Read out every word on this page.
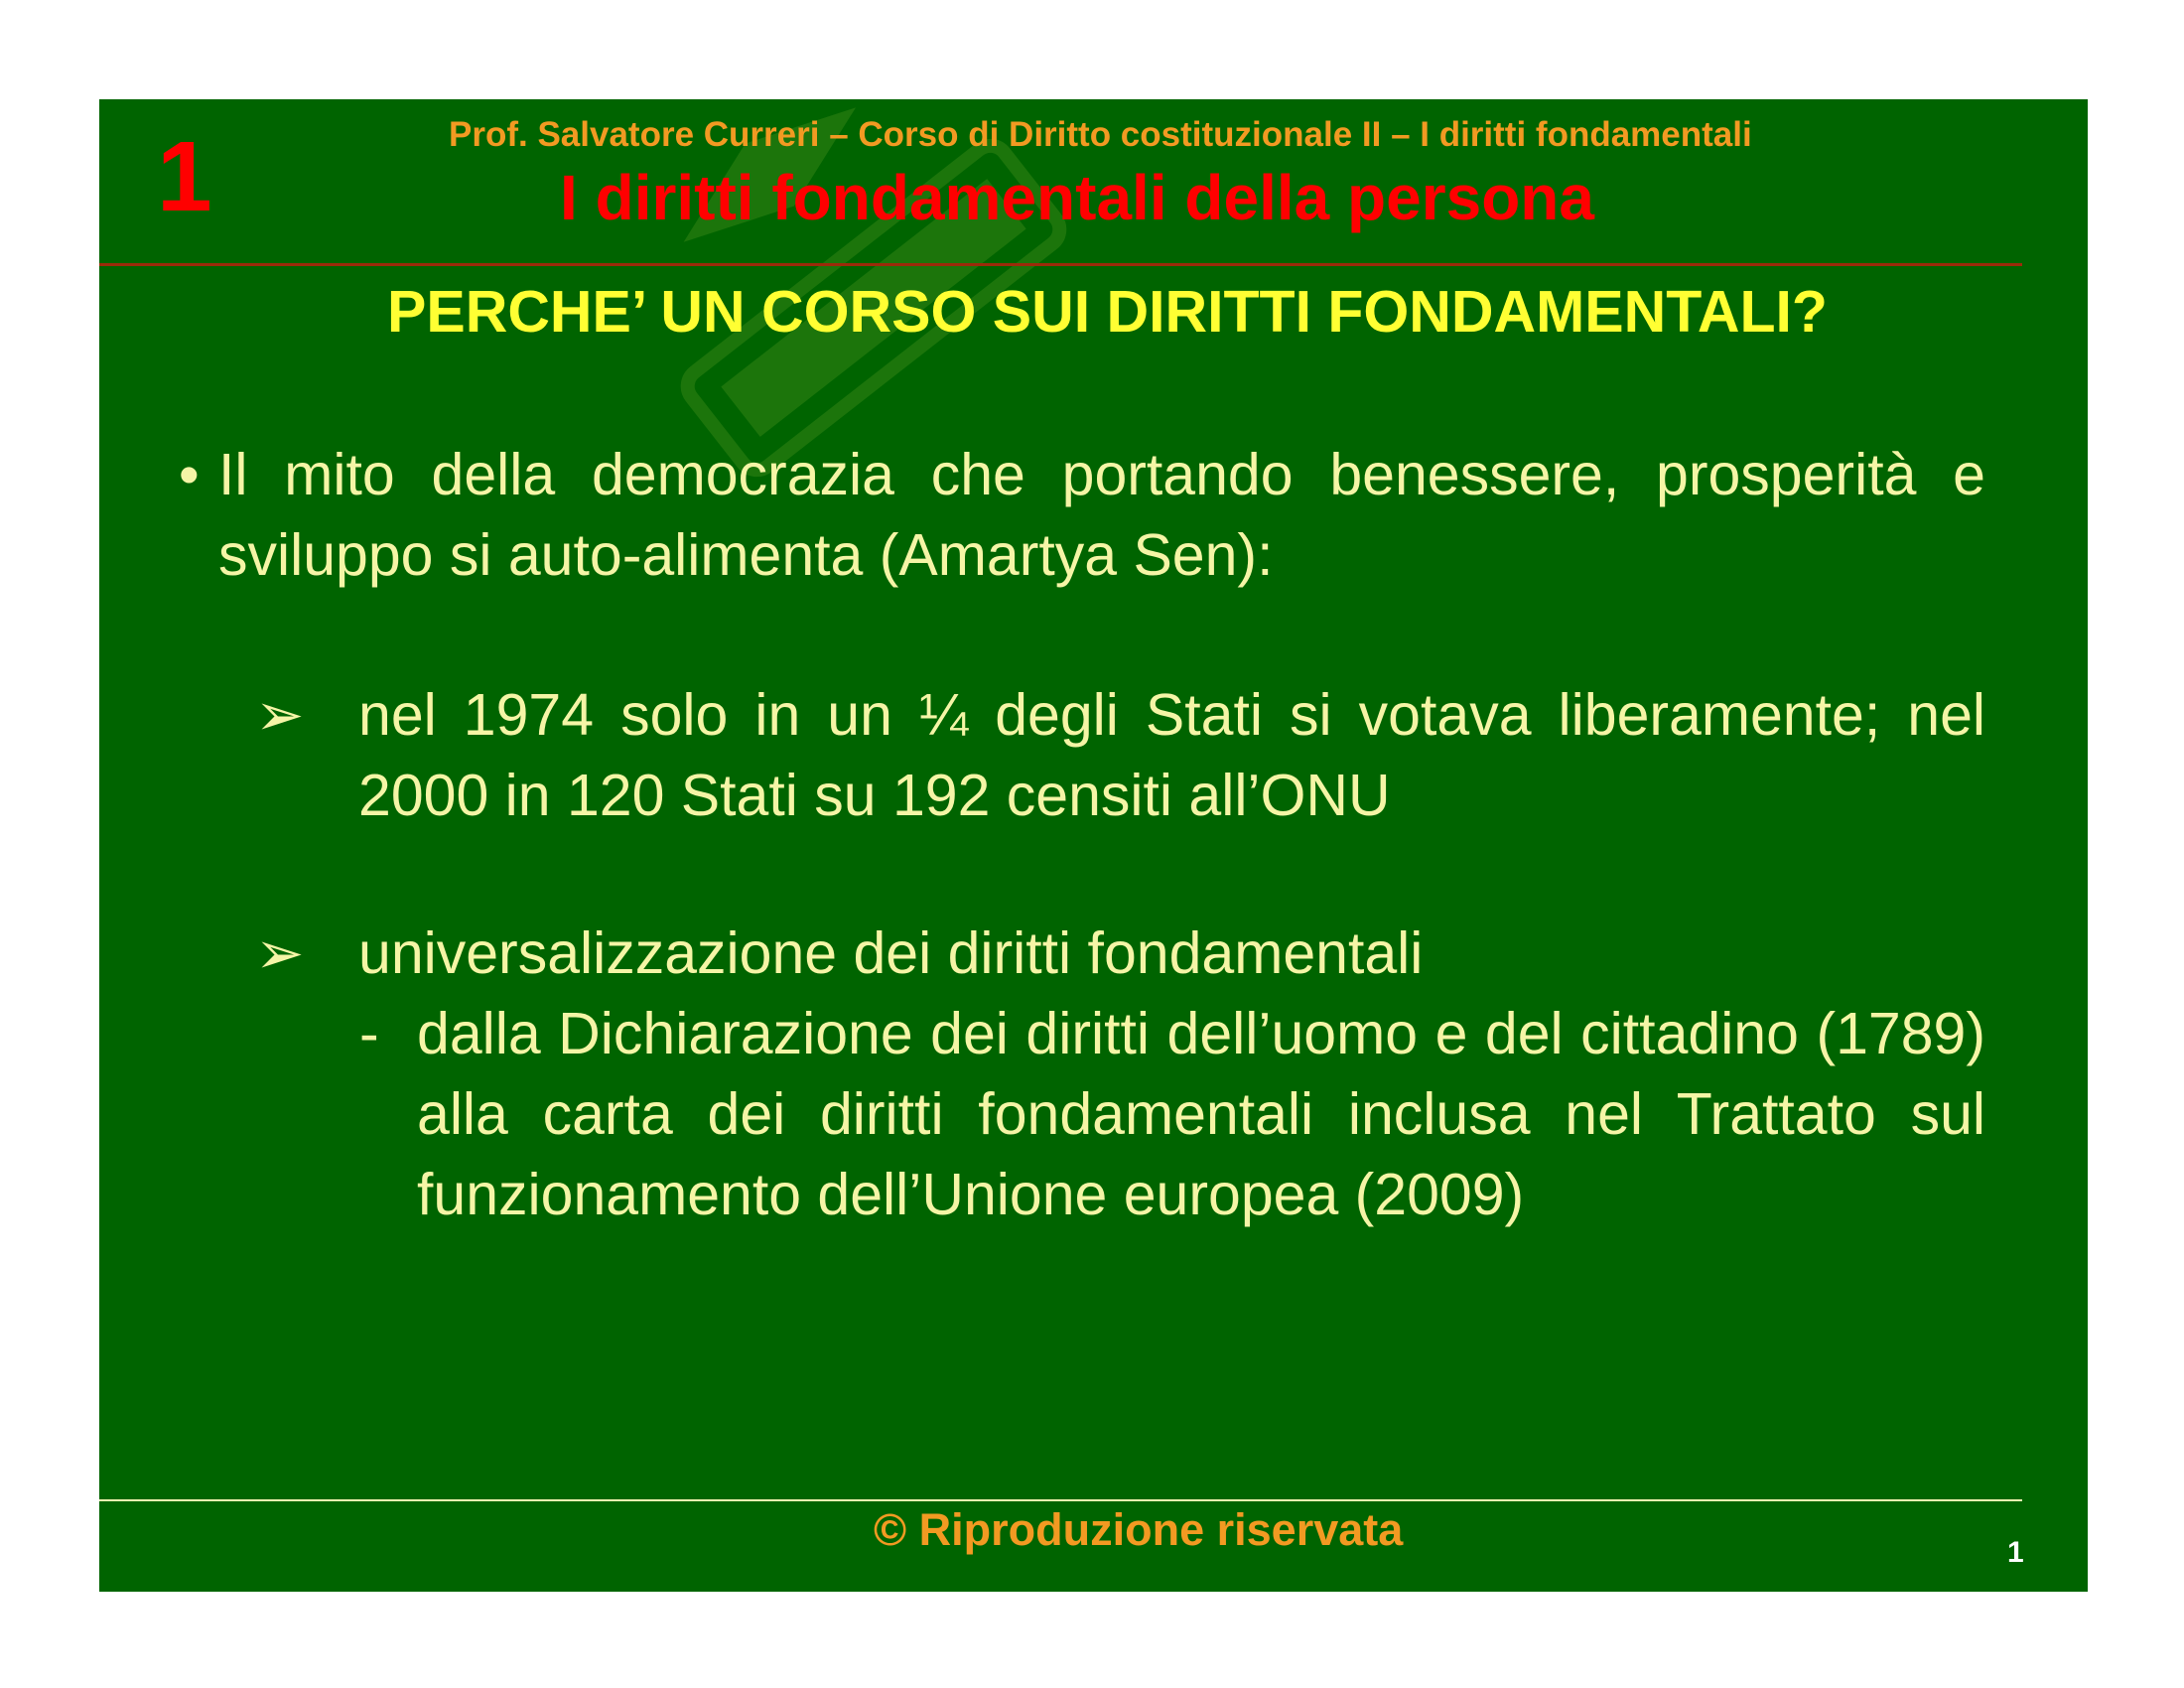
1	Prof. Salvatore Curreri – Corso di Diritto costituzionale II – I diritti fondamentali
I diritti fondamentali della persona
PERCHE’ UN CORSO SUI DIRITTI FONDAMENTALI?
• Il mito della democrazia che portando benessere, prosperità e sviluppo si auto-alimenta (Amartya Sen):
➢ nel 1974 solo in un ¼ degli Stati si votava liberamente; nel 2000 in 120 Stati su 192 censiti all’ONU
➢ universalizzazione dei diritti fondamentali
- dalla Dichiarazione dei diritti dell’uomo e del cittadino (1789) alla carta dei diritti fondamentali inclusa nel Trattato sul funzionamento dell’Unione europea (2009)
© Riproduzione riservata	1
